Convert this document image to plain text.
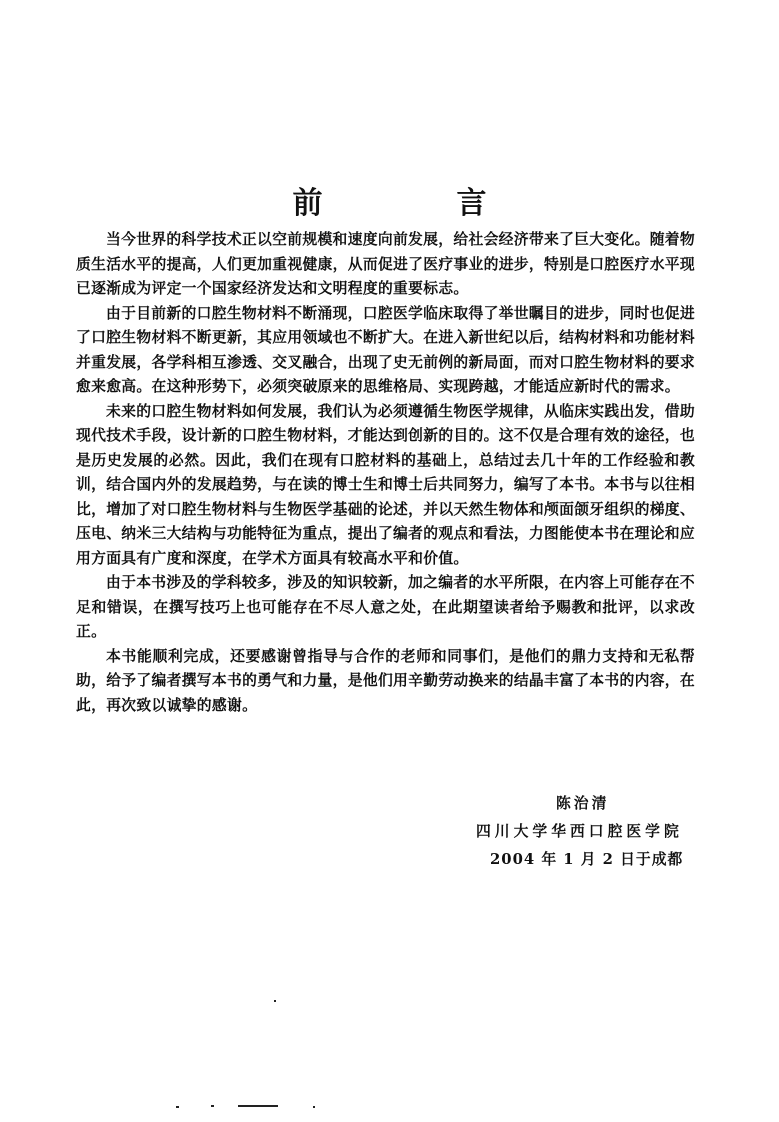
前　言

当今世界的科学技术正以空前规模和速度向前发展，给社会经济带来了巨大变化。随着物质生活水平的提高，人们更加重视健康，从而促进了医疗事业的进步，特别是口腔医疗水平现已逐渐成为评定一个国家经济发达和文明程度的重要标志。

由于目前新的口腔生物材料不断涌现，口腔医学临床取得了举世瞩目的进步，同时也促进了口腔生物材料不断更新，其应用领域也不断扩大。在进入新世纪以后，结构材料和功能材料并重发展，各学科相互渗透、交叉融合，出现了史无前例的新局面，而对口腔生物材料的要求愈来愈高。在这种形势下，必须突破原来的思维格局、实现跨越，才能适应新时代的需求。

未来的口腔生物材料如何发展，我们认为必须遵循生物医学规律，从临床实践出发，借助现代技术手段，设计新的口腔生物材料，才能达到创新的目的。这不仅是合理有效的途径，也是历史发展的必然。因此，我们在现有口腔材料的基础上，总结过去几十年的工作经验和教训，结合国内外的发展趋势，与在读的博士生和博士后共同努力，编写了本书。本书与以往相比，增加了对口腔生物材料与生物医学基础的论述，并以天然生物体和颅面颌牙组织的梯度、压电、纳米三大结构与功能特征为重点，提出了编者的观点和看法，力图能使本书在理论和应用方面具有广度和深度，在学术方面具有较高水平和价值。

由于本书涉及的学科较多，涉及的知识较新，加之编者的水平所限，在内容上可能存在不足和错误，在撰写技巧上也可能存在不尽人意之处，在此期望读者给予赐教和批评，以求改正。

本书能顺利完成，还要感谢曾指导与合作的老师和同事们，是他们的鼎力支持和无私帮助，给予了编者撰写本书的勇气和力量，是他们用辛勤劳动换来的结晶丰富了本书的内容，在此，再次致以诚挚的感谢。

陈治清
四川大学华西口腔医学院
2004 年 1 月 2 日于成都
